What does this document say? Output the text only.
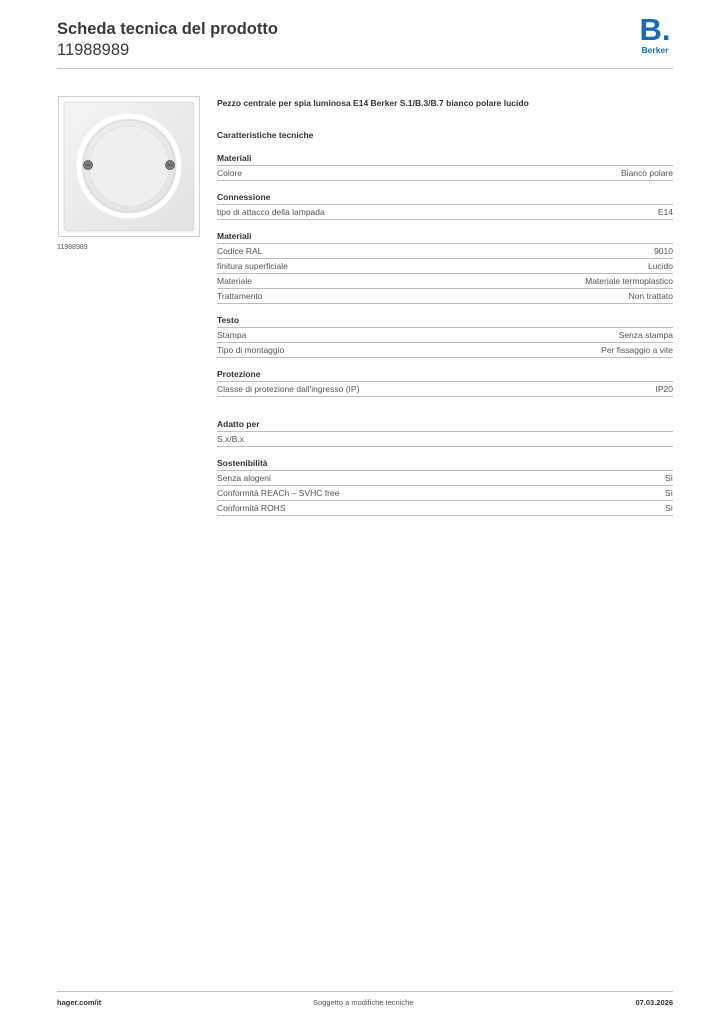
Scheda tecnica del prodotto
11988989
B.
Berker
11988989
Pezzo centrale per spia luminosa E14 Berker S.1/B.3/B.7 bianco polare lucido
Caratteristiche tecniche
Materiali
Colore	Bianco polare
Connessione
tipo di attacco della lampada	E14
Materiali
Codice RAL	9010
finitura superficiale	Lucido
Materiale	Materiale termoplastico
Trattamento	Non trattato
Testo
Stampa	Senza stampa
Tipo di montaggio	Per fissaggio a vite
Protezione
Classe di protezione dall'ingresso (IP)	IP20
Adatto per
S.x/B.x
Sostenibilità
Senza alogeni	Sì
Conformità REACh – SVHC free	Sì
Conformità ROHS	Sì
hager.com/it	Soggetto a modifiche tecniche	07.03.2026
